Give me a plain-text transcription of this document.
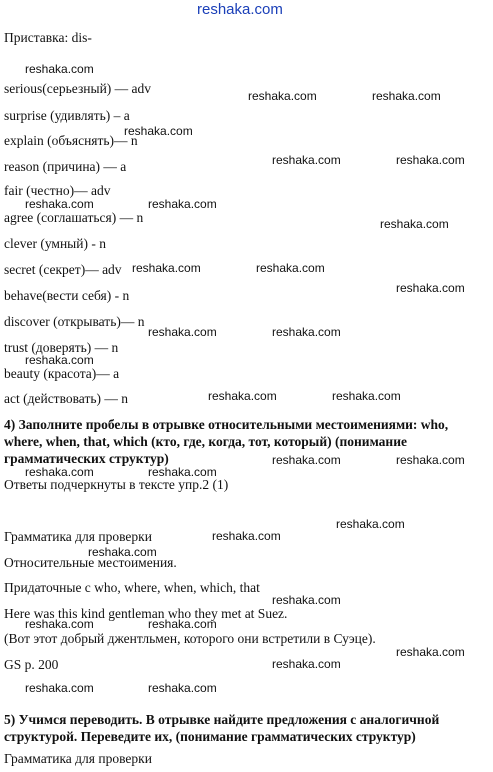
reshaka.com
Приставка: dis-
serious(серьезный) — adv
surprise (удивлять) – a
explain (объяснять)— n
reason (причина) — a
fair (честно)— adv
agree (соглашаться) — n
clever (умный) - n
secret (секрет)— adv
behave(вести себя) - n
discover (открывать)— n
trust (доверять) — n
beauty (красота)— a
act (действовать) — n
4) Заполните пробелы в отрывке относительными местоимениями: who, where, when, that, which (кто, где, когда, тот, который) (понимание грамматических структур)
Ответы подчеркнуты в тексте упр.2 (1)
Грамматика для проверки
Относительные местоимения.
Придаточные с who, where, when, which, that
Here was this kind gentleman who they met at Suez.
(Вот этот добрый джентльмен, которого они встретили в Суэце).
GS p. 200
5) Учимся переводить. В отрывке найдите предложения с аналогичной структурой. Переведите их, (понимание грамматических структур)
Грамматика для проверки
reshaka.com
reshaka.com	reshaka.com
reshaka.com
reshaka.com	reshaka.com
reshaka.com	reshaka.com
reshaka.com
reshaka.com	reshaka.com
reshaka.com
reshaka.com	reshaka.com
reshaka.com
reshaka.com	reshaka.com
reshaka.com	reshaka.com
reshaka.com	reshaka.com
reshaka.com
reshaka.com
reshaka.com
reshaka.com
reshaka.com	reshaka.com
reshaka.com
reshaka.com
reshaka.com	reshaka.com
